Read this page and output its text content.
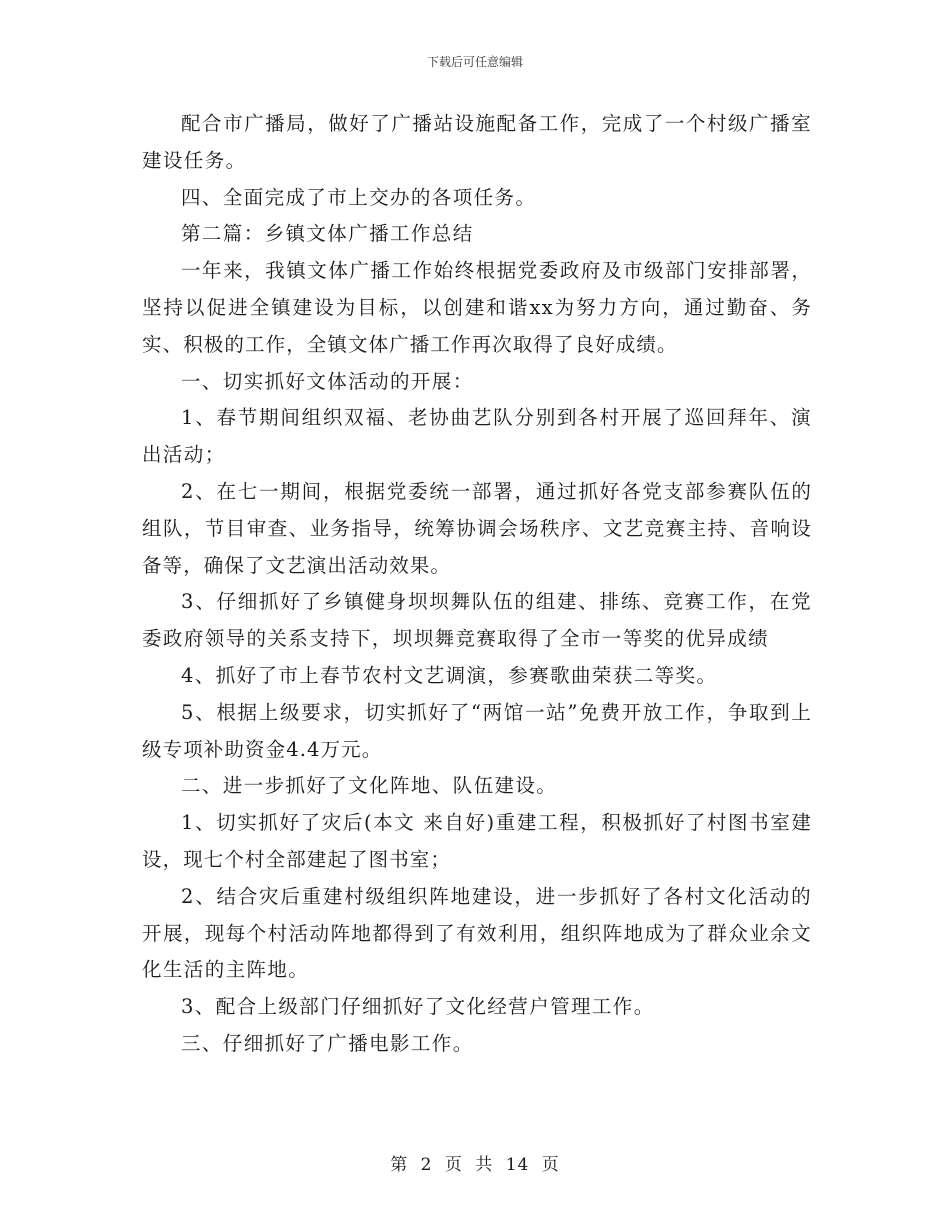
下载后可任意编辑

配合市广播局，做好了广播站设施配备工作，完成了一个村级广播室建设任务。

四、全面完成了市上交办的各项任务。

第二篇：乡镇文体广播工作总结

一年来，我镇文体广播工作始终根据党委政府及市级部门安排部署，坚持以促进全镇建设为目标，以创建和谐xx为努力方向，通过勤奋、务实、积极的工作，全镇文体广播工作再次取得了良好成绩。

一、切实抓好文体活动的开展：

1、春节期间组织双福、老协曲艺队分别到各村开展了巡回拜年、演出活动；

2、在七一期间，根据党委统一部署，通过抓好各党支部参赛队伍的组队，节目审查、业务指导，统筹协调会场秩序、文艺竞赛主持、音响设备等，确保了文艺演出活动效果。

3、仔细抓好了乡镇健身坝坝舞队伍的组建、排练、竞赛工作，在党委政府领导的关系支持下，坝坝舞竞赛取得了全市一等奖的优异成绩

4、抓好了市上春节农村文艺调演，参赛歌曲荣获二等奖。

5、根据上级要求，切实抓好了“两馆一站”免费开放工作，争取到上级专项补助资金4.4万元。

二、进一步抓好了文化阵地、队伍建设。

1、切实抓好了灾后(本文 来自好)重建工程，积极抓好了村图书室建设，现七个村全部建起了图书室；

2、结合灾后重建村级组织阵地建设，进一步抓好了各村文化活动的开展，现每个村活动阵地都得到了有效利用，组织阵地成为了群众业余文化生活的主阵地。

3、配合上级部门仔细抓好了文化经营户管理工作。

三、仔细抓好了广播电影工作。

第 2 页 共 14 页
